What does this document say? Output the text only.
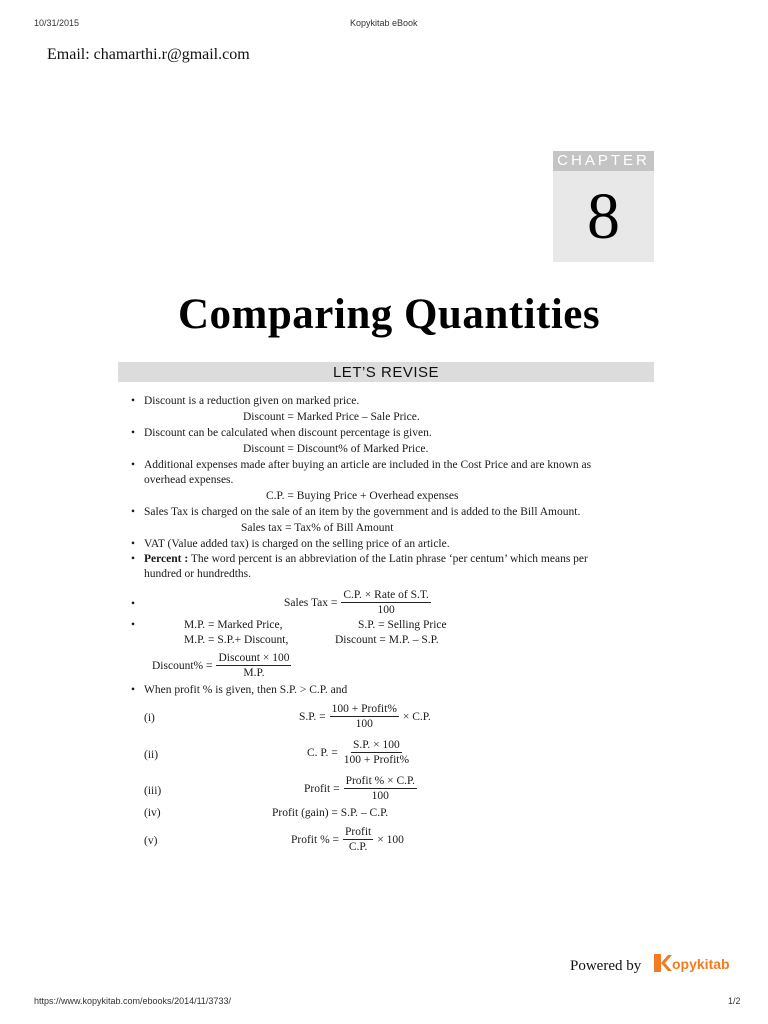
10/31/2015	Kopykitab eBook
Email: chamarthi.r@gmail.com
CHAPTER
8
Comparing Quantities
LET’S REVISE
• Discount is a reduction given on marked price.
Discount = Marked Price – Sale Price.
• Discount can be calculated when discount percentage is given.
Discount = Discount% of Marked Price.
• Additional expenses made after buying an article are included in the Cost Price and are known as
overhead expenses.
C.P. = Buying Price + Overhead expenses
• Sales Tax is charged on the sale of an item by the government and is added to the Bill Amount.
Sales tax = Tax% of Bill Amount
• VAT (Value added tax) is charged on the selling price of an article.
• Percent : The word percent is an abbreviation of the Latin phrase ‘per centum’ which means per
hundred or hundredths.
•	Sales Tax = $\frac{\text{C.P. × Rate of S.T.}}{100}$
•	M.P. = Marked Price,	S.P. = Selling Price
M.P. = S.P.+ Discount,	Discount = M.P. – S.P.
Discount% = $\frac{\text{Discount × 100}}{M.P.}$
• When profit % is given, then S.P. > C.P. and
(i)	S.P. = $\frac{\text{100 + Profit\%}}{100} \times C.P$.
(ii)	C. P. = $\frac{S.P. \times 100}{\text{100 + Profit\%}}$
(iii)	Profit = $\frac{\text{Profit \% × C.P.}}{100}$
(iv)	Profit (gain) = S.P. – C.P.
(v)	Profit % = $\frac{\text{Profit}}{C.P.} \times 100$
Powered by opykitab
https://www.kopykitab.com/ebooks/2014/11/3733/	1/2
